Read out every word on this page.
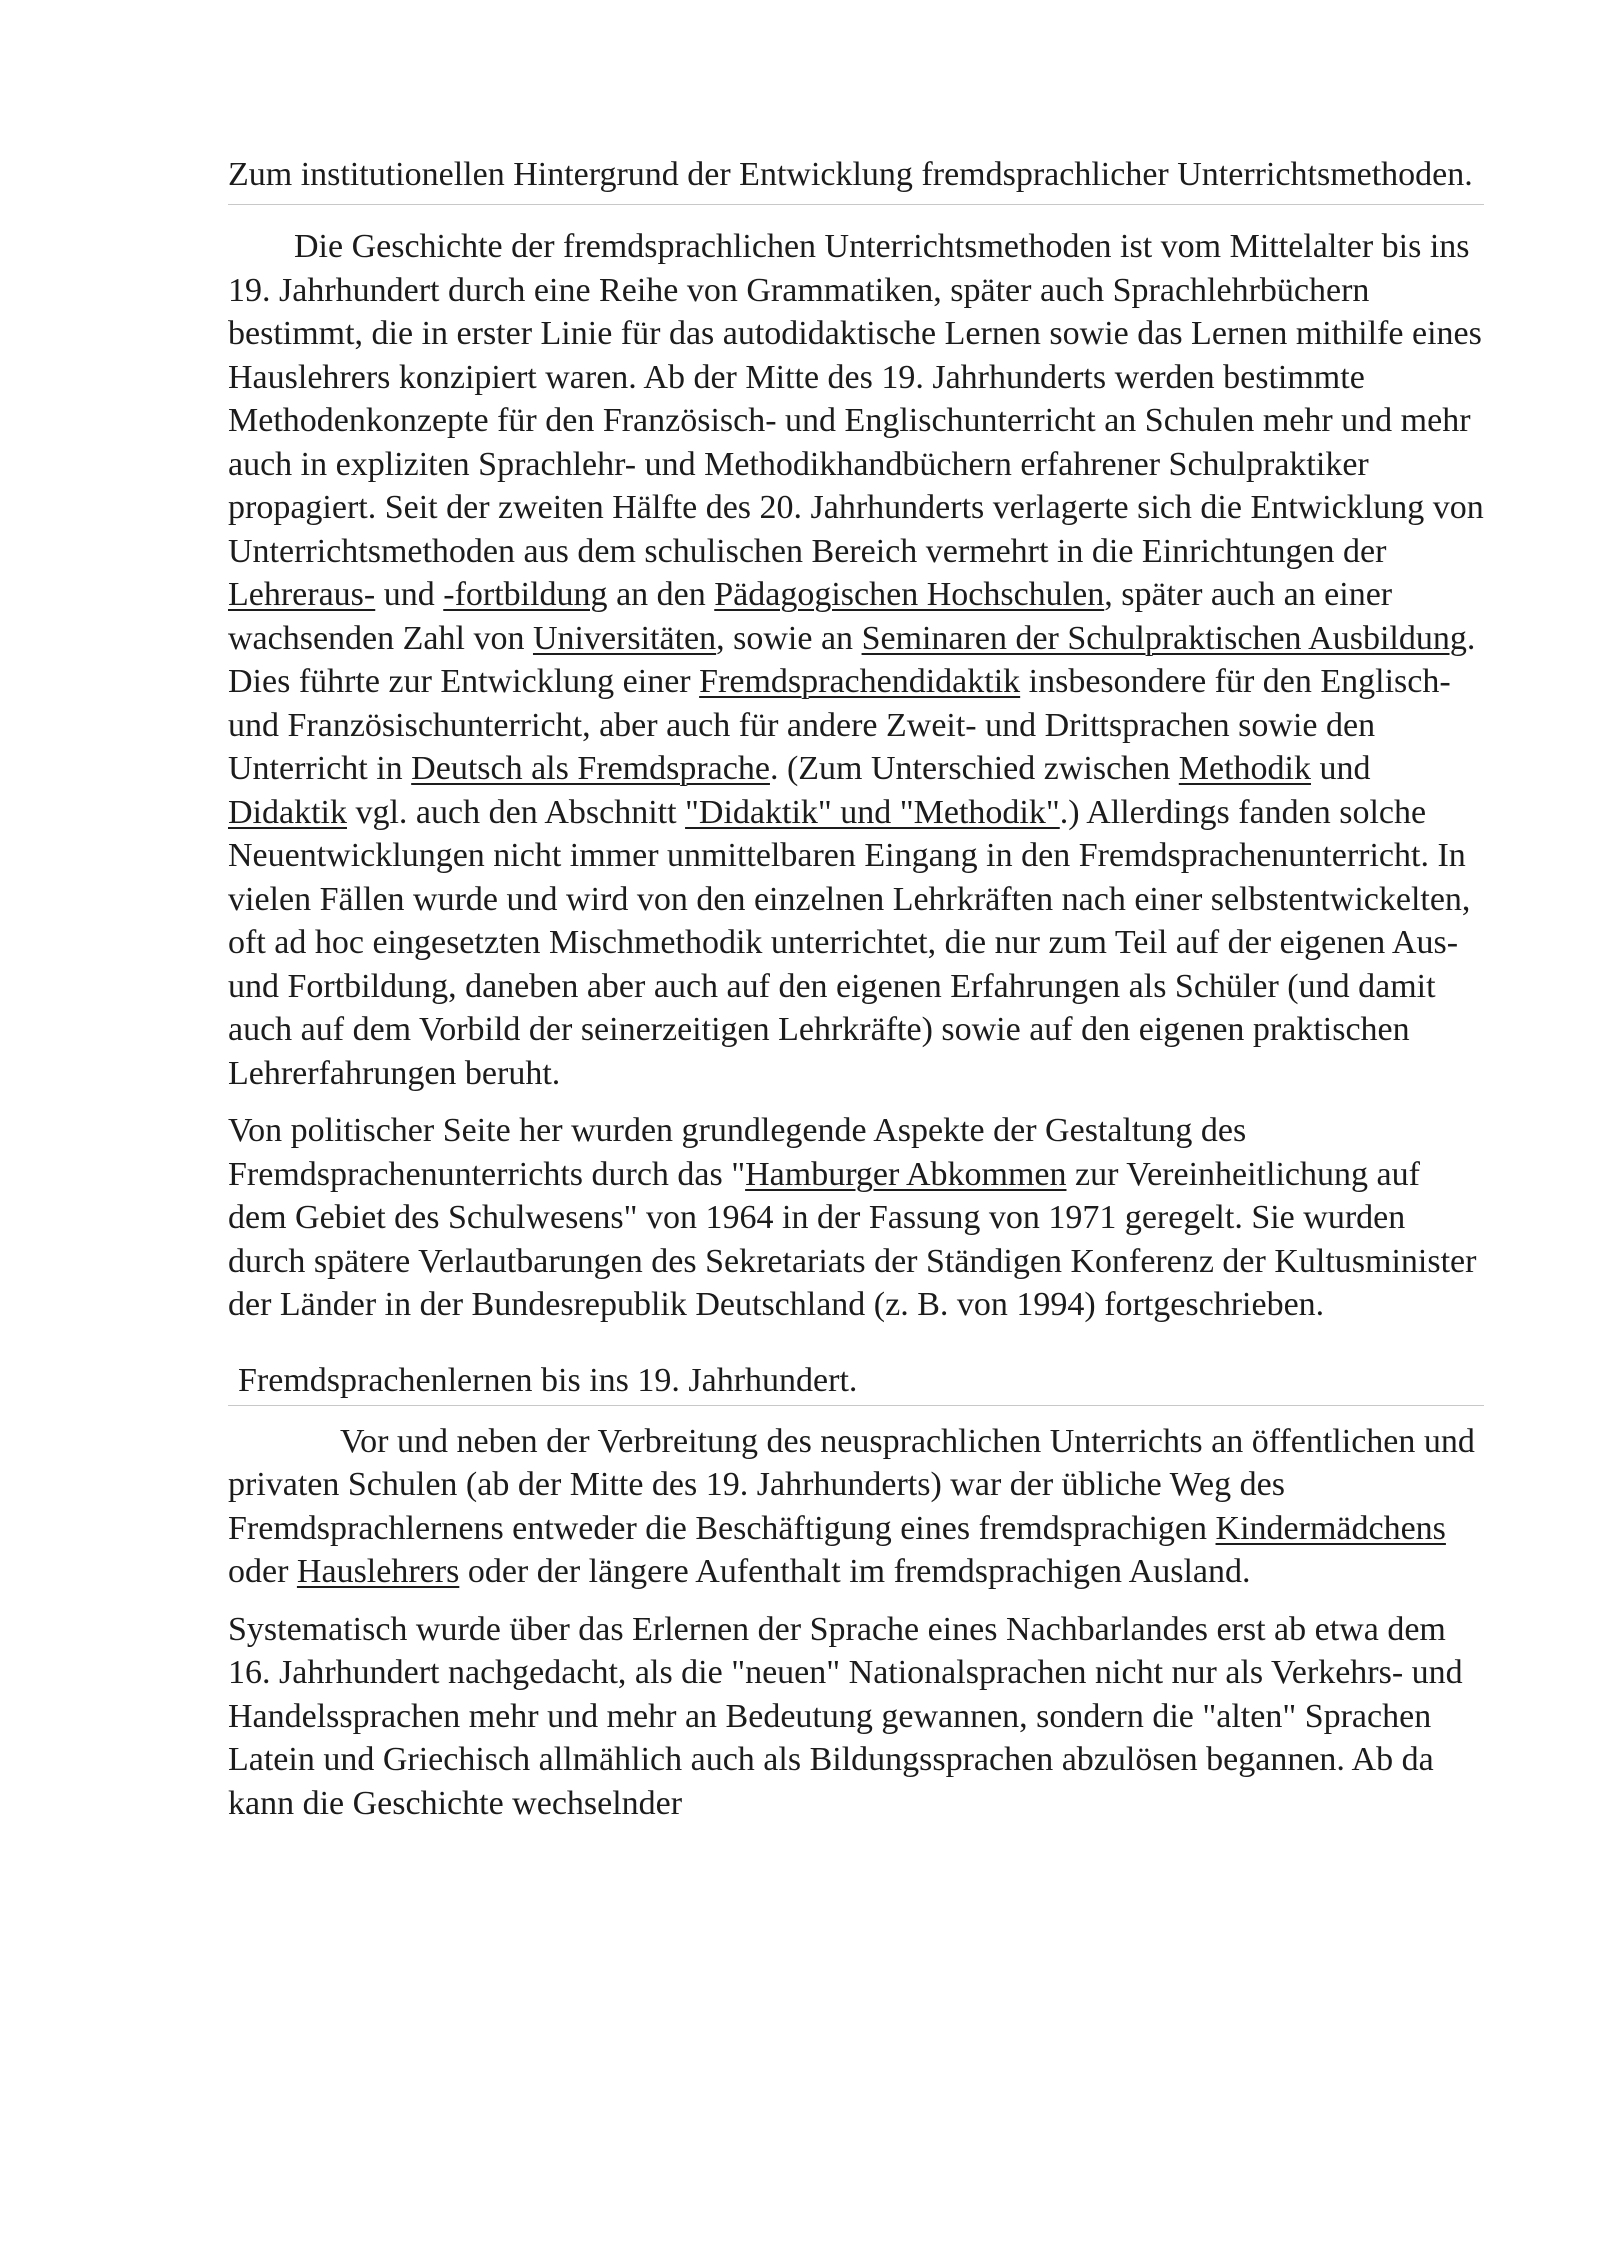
Zum institutionellen Hintergrund der Entwicklung fremdsprachlicher Unterrichtsmethoden.

Die Geschichte der fremdsprachlichen Unterrichtsmethoden ist vom Mittelalter bis ins 19. Jahrhundert durch eine Reihe von Grammatiken, später auch Sprachlehrbüchern bestimmt, die in erster Linie für das autodidaktische Lernen sowie das Lernen mithilfe eines Hauslehrers konzipiert waren. Ab der Mitte des 19. Jahrhunderts werden bestimmte Methodenkonzepte für den Französisch- und Englischunterricht an Schulen mehr und mehr auch in expliziten Sprachlehr- und Methodikhandbüchern erfahrener Schulpraktiker propagiert. Seit der zweiten Hälfte des 20. Jahrhunderts verlagerte sich die Entwicklung von Unterrichtsmethoden aus dem schulischen Bereich vermehrt in die Einrichtungen der Lehreraus- und -fortbildung an den Pädagogischen Hochschulen, später auch an einer wachsenden Zahl von Universitäten, sowie an Seminaren der Schulpraktischen Ausbildung. Dies führte zur Entwicklung einer Fremdsprachendidaktik insbesondere für den Englisch- und Französischunterricht, aber auch für andere Zweit- und Drittsprachen sowie den Unterricht in Deutsch als Fremdsprache. (Zum Unterschied zwischen Methodik und Didaktik vgl. auch den Abschnitt "Didaktik" und "Methodik".) Allerdings fanden solche Neuentwicklungen nicht immer unmittelbaren Eingang in den Fremdsprachenunterricht. In vielen Fällen wurde und wird von den einzelnen Lehrkräften nach einer selbstentwickelten, oft ad hoc eingesetzten Mischmethodik unterrichtet, die nur zum Teil auf der eigenen Aus- und Fortbildung, daneben aber auch auf den eigenen Erfahrungen als Schüler (und damit auch auf dem Vorbild der seinerzeitigen Lehrkräfte) sowie auf den eigenen praktischen Lehrerfahrungen beruht.

Von politischer Seite her wurden grundlegende Aspekte der Gestaltung des Fremdsprachenunterrichts durch das "Hamburger Abkommen zur Vereinheitlichung auf dem Gebiet des Schulwesens" von 1964 in der Fassung von 1971 geregelt. Sie wurden durch spätere Verlautbarungen des Sekretariats der Ständigen Konferenz der Kultusminister der Länder in der Bundesrepublik Deutschland (z. B. von 1994) fortgeschrieben.

Fremdsprachenlernen bis ins 19. Jahrhundert.

Vor und neben der Verbreitung des neusprachlichen Unterrichts an öffentlichen und privaten Schulen (ab der Mitte des 19. Jahrhunderts) war der übliche Weg des Fremdsprachlernens entweder die Beschäftigung eines fremdsprachigen Kindermädchens oder Hauslehrers oder der längere Aufenthalt im fremdsprachigen Ausland.

Systematisch wurde über das Erlernen der Sprache eines Nachbarlandes erst ab etwa dem 16. Jahrhundert nachgedacht, als die "neuen" Nationalsprachen nicht nur als Verkehrs- und Handelssprachen mehr und mehr an Bedeutung gewannen, sondern die "alten" Sprachen Latein und Griechisch allmählich auch als Bildungssprachen abzulösen begannen. Ab da kann die Geschichte wechselnder
